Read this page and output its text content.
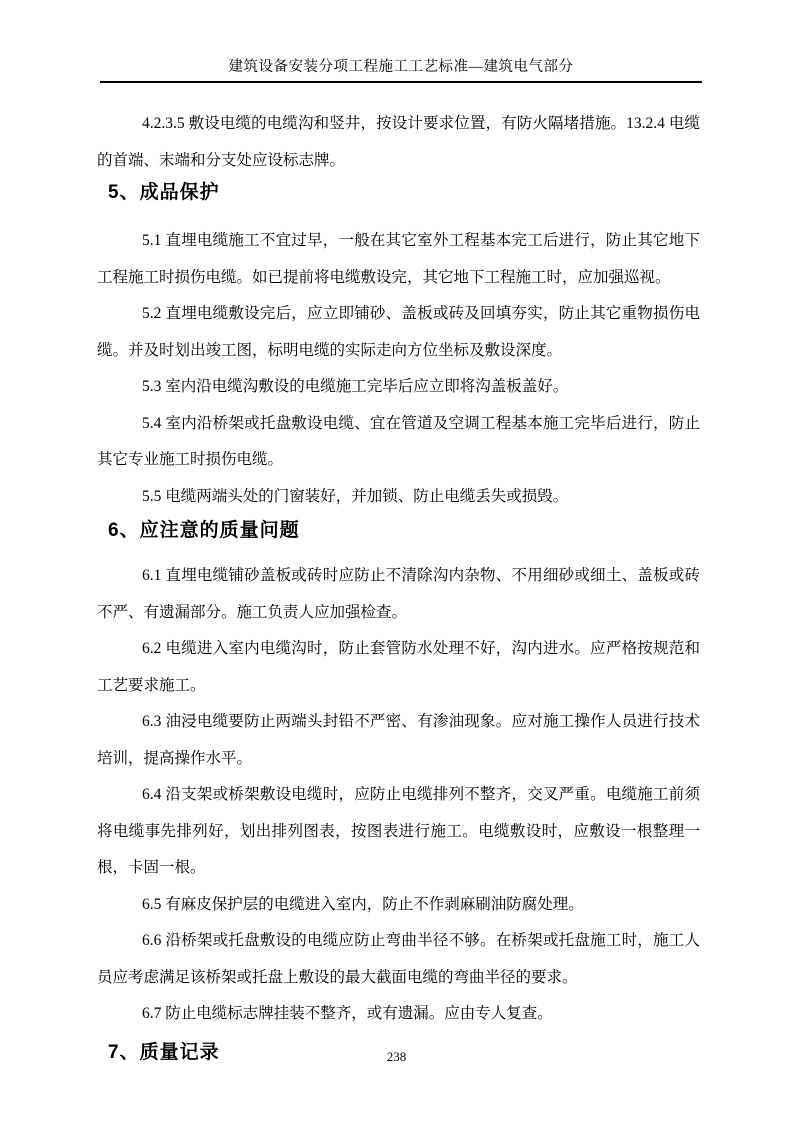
建筑设备安装分项工程施工工艺标准—建筑电气部分

4.2.3.5 敷设电缆的电缆沟和竖井，按设计要求位置，有防火隔堵措施。13.2.4 电缆的首端、末端和分支处应设标志牌。

5、成品保护

5.1 直埋电缆施工不宜过早，一般在其它室外工程基本完工后进行，防止其它地下工程施工时损伤电缆。如已提前将电缆敷设完，其它地下工程施工时，应加强巡视。

5.2 直埋电缆敷设完后，应立即铺砂、盖板或砖及回填夯实，防止其它重物损伤电缆。并及时划出竣工图，标明电缆的实际走向方位坐标及敷设深度。

5.3 室内沿电缆沟敷设的电缆施工完毕后应立即将沟盖板盖好。

5.4 室内沿桥架或托盘敷设电缆、宜在管道及空调工程基本施工完毕后进行，防止其它专业施工时损伤电缆。

5.5 电缆两端头处的门窗装好，并加锁、防止电缆丢失或损毁。

6、应注意的质量问题

6.1 直埋电缆铺砂盖板或砖时应防止不清除沟内杂物、不用细砂或细土、盖板或砖不严、有遗漏部分。施工负责人应加强检查。

6.2 电缆进入室内电缆沟时，防止套管防水处理不好，沟内进水。应严格按规范和工艺要求施工。

6.3 油浸电缆要防止两端头封铅不严密、有渗油现象。应对施工操作人员进行技术培训，提高操作水平。

6.4 沿支架或桥架敷设电缆时，应防止电缆排列不整齐，交叉严重。电缆施工前须将电缆事先排列好，划出排列图表，按图表进行施工。电缆敷设时，应敷设一根整理一根，卡固一根。

6.5 有麻皮保护层的电缆进入室内，防止不作剥麻刷油防腐处理。

6.6 沿桥架或托盘敷设的电缆应防止弯曲半径不够。在桥架或托盘施工时，施工人员应考虑满足该桥架或托盘上敷设的最大截面电缆的弯曲半径的要求。

6.7 防止电缆标志牌挂装不整齐，或有遗漏。应由专人复查。

7、质量记录	238
